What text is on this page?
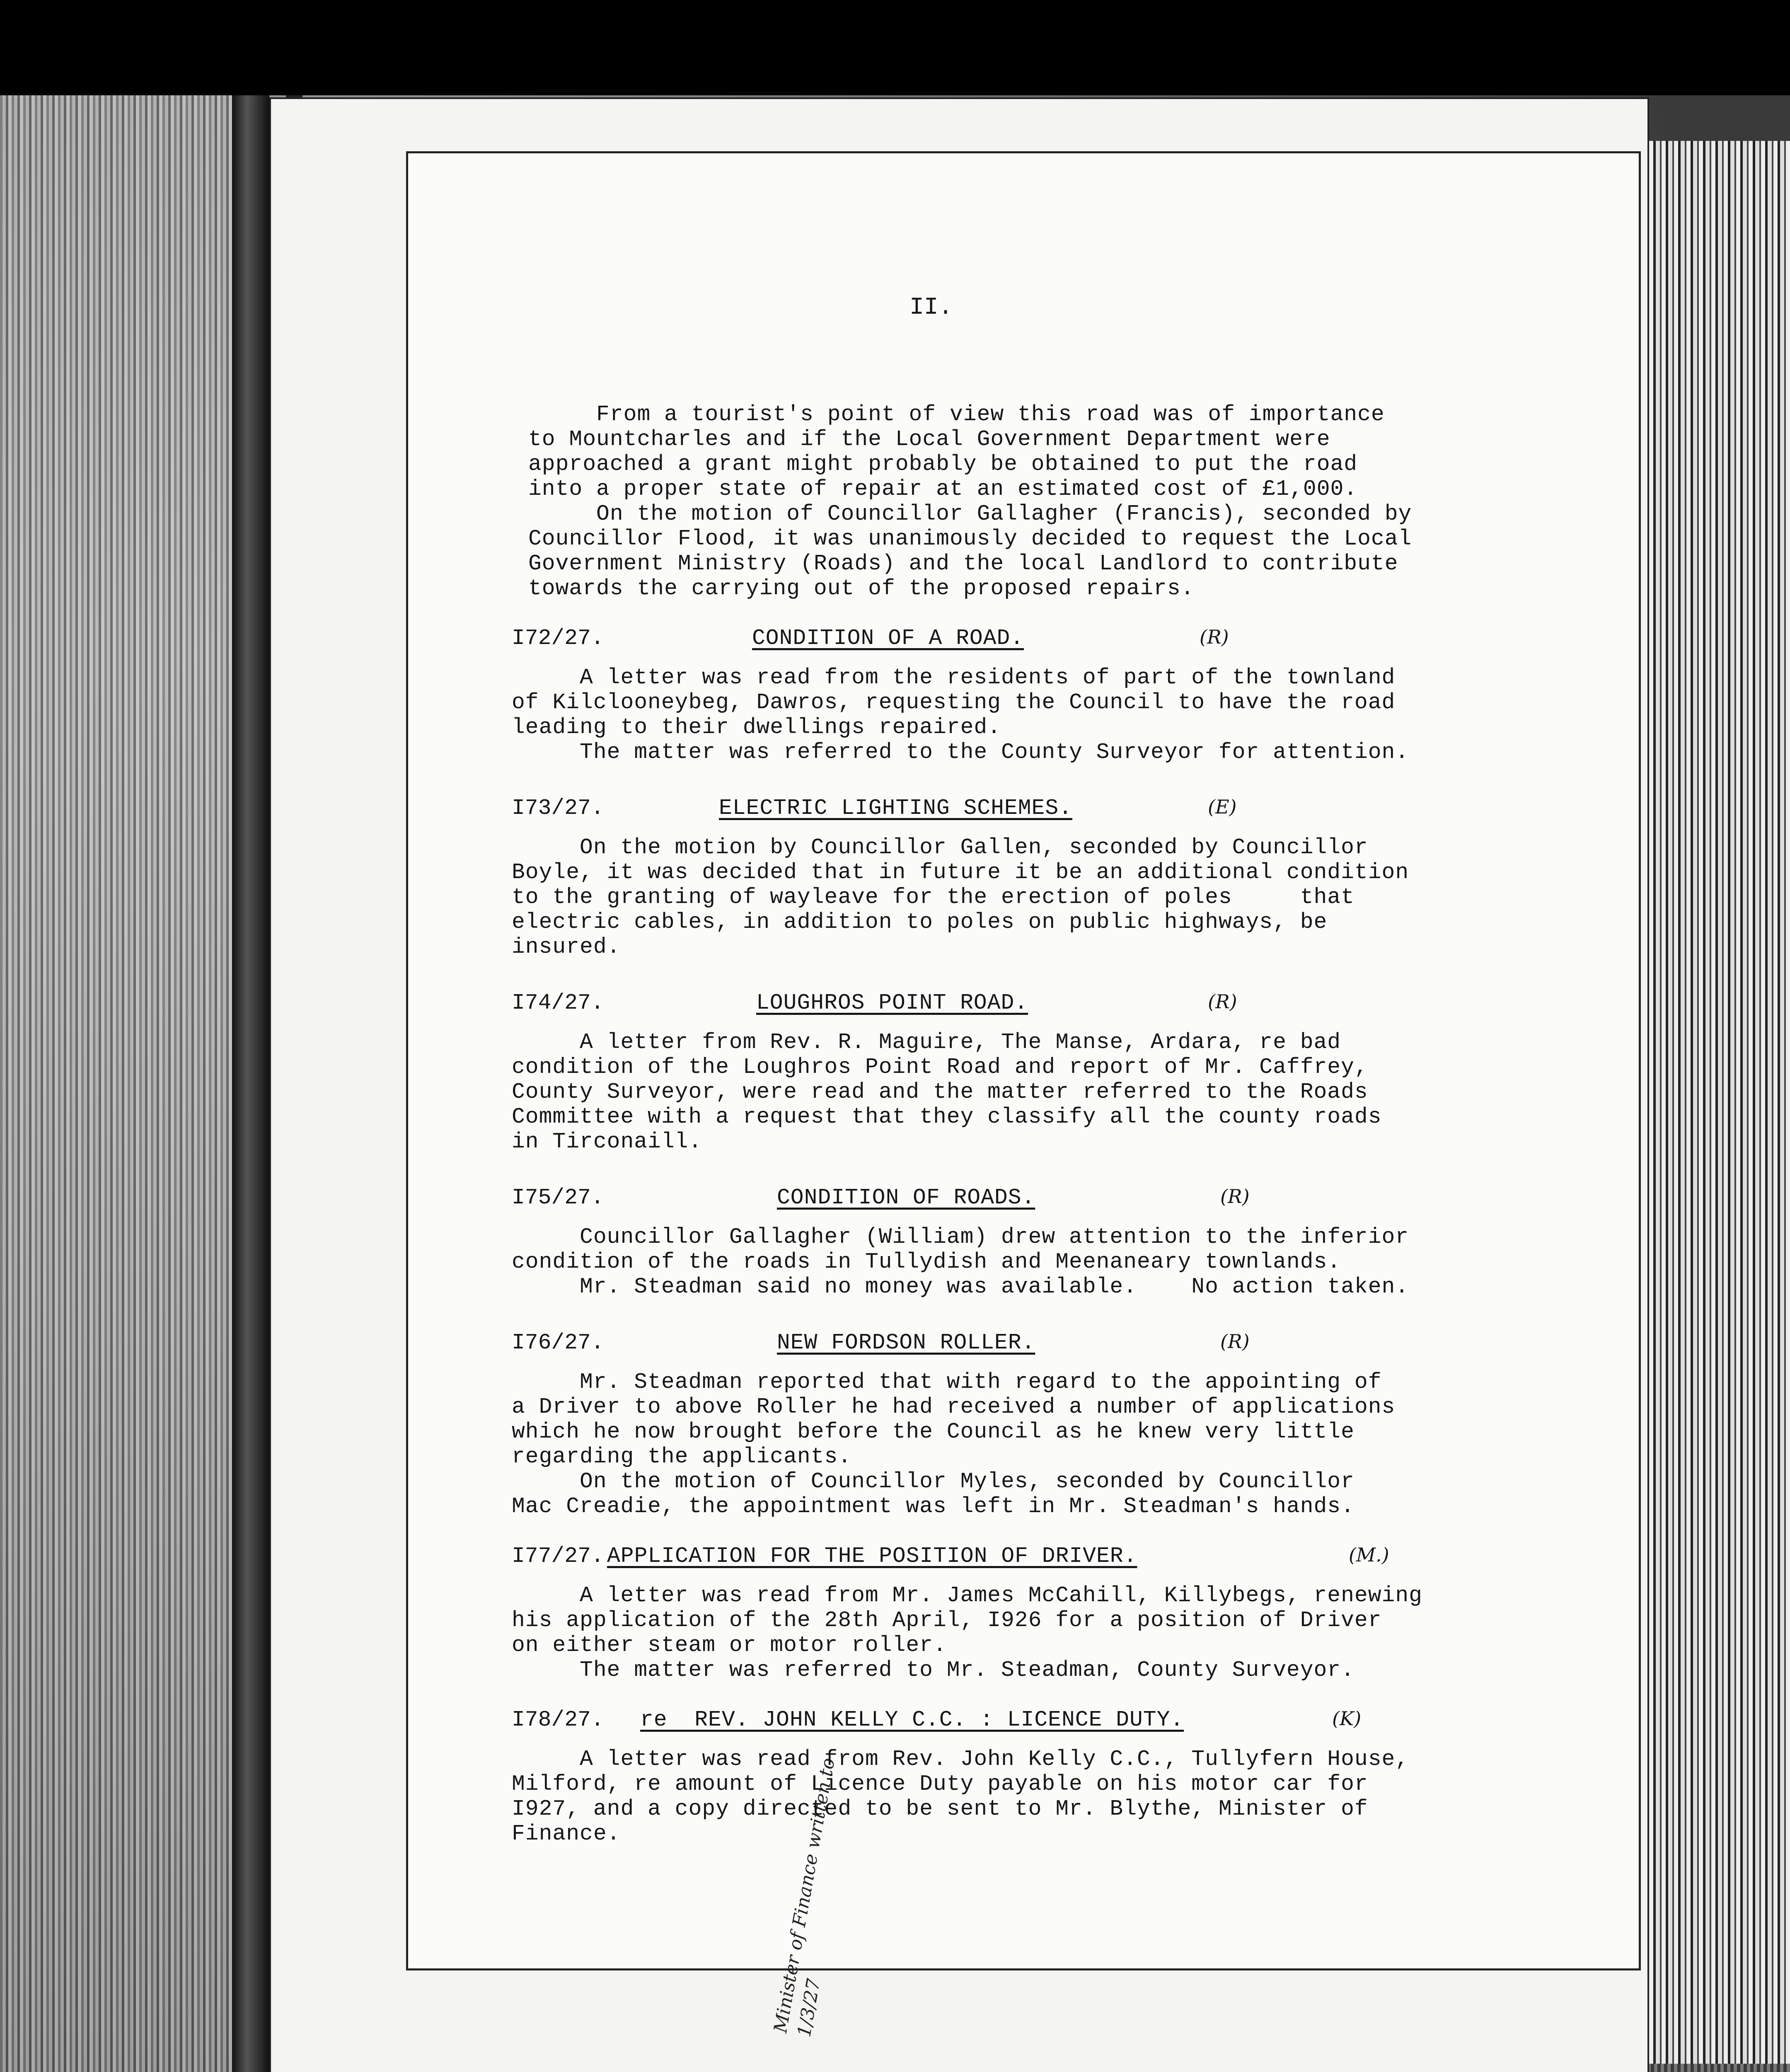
II.
Minister of Finance written to 1/3/27
From a tourist's point of view this road was of importance
to Mountcharles and if the Local Government Department were
approached a grant might probably be obtained to put the road
into a proper state of repair at an estimated cost of £1,000.
On the motion of Councillor Gallagher (Francis), seconded by
Councillor Flood, it was unanimously decided to request the Local
Government Ministry (Roads) and the local Landlord to contribute
towards the carrying out of the proposed repairs.
I72/27.	CONDITION OF A ROAD.	(R)
A letter was read from the residents of part of the townland
of Kilclooneybeg, Dawros, requesting the Council to have the road
leading to their dwellings repaired.
The matter was referred to the County Surveyor for attention.
I73/27.	ELECTRIC LIGHTING SCHEMES.	(E)
On the motion by Councillor Gallen, seconded by Councillor
Boyle, it was decided that in future it be an additional condition
to the granting of wayleave for the erection of poles     that
electric cables, in addition to poles on public highways, be
insured.
I74/27.	LOUGHROS POINT ROAD.	(R)
A letter from Rev. R. Maguire, The Manse, Ardara, re bad
condition of the Loughros Point Road and report of Mr. Caffrey,
County Surveyor, were read and the matter referred to the Roads
Committee with a request that they classify all the county roads
in Tirconaill.
I75/27.	CONDITION OF ROADS.	(R)
Councillor Gallagher (William) drew attention to the inferior
condition of the roads in Tullydish and Meenaneary townlands.
Mr. Steadman said no money was available.    No action taken.
I76/27.	NEW FORDSON ROLLER.	(R)
Mr. Steadman reported that with regard to the appointing of
a Driver to above Roller he had received a number of applications
which he now brought before the Council as he knew very little
regarding the applicants.
On the motion of Councillor Myles, seconded by Councillor
Mac Creadie, the appointment was left in Mr. Steadman's hands.
I77/27. APPLICATION FOR THE POSITION OF DRIVER.	(M.)
A letter was read from Mr. James McCahill, Killybegs, renewing
his application of the 28th April, I926 for a position of Driver
on either steam or motor roller.
The matter was referred to Mr. Steadman, County Surveyor.
I78/27. re  REV. JOHN KELLY C.C. : LICENCE DUTY.	(K)
A letter was read from Rev. John Kelly C.C., Tullyfern House,
Milford, re amount of Licence Duty payable on his motor car for
I927, and a copy directed to be sent to Mr. Blythe, Minister of
Finance.
